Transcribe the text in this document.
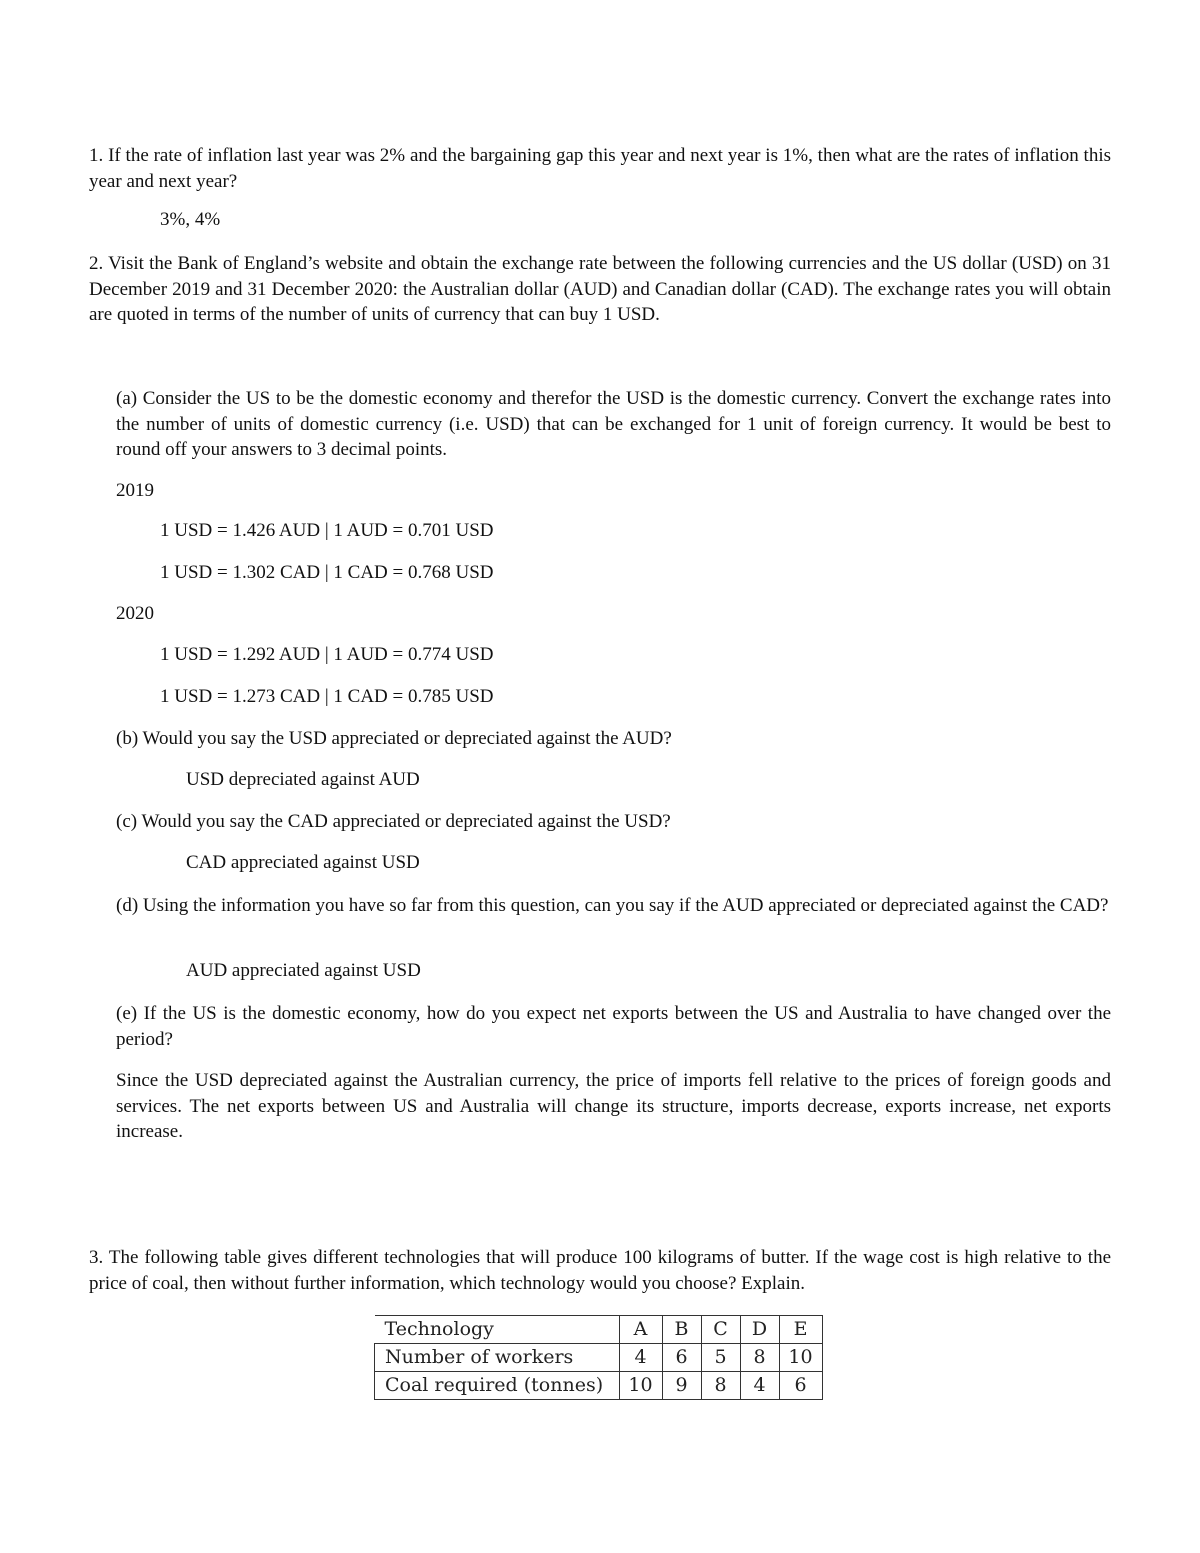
1. If the rate of inflation last year was 2% and the bargaining gap this year and next year is 1%, then what are the rates of inflation this year and next year?
3%, 4%
2. Visit the Bank of England’s website and obtain the exchange rate between the following currencies and the US dollar (USD) on 31 December 2019 and 31 December 2020: the Australian dollar (AUD) and Canadian dollar (CAD). The exchange rates you will obtain are quoted in terms of the number of units of currency that can buy 1 USD.
(a) Consider the US to be the domestic economy and therefor the USD is the domestic currency. Convert the exchange rates into the number of units of domestic currency (i.e. USD) that can be exchanged for 1 unit of foreign currency. It would be best to round off your answers to 3 decimal points.
2019
1 USD = 1.426 AUD | 1 AUD = 0.701 USD
1 USD = 1.302 CAD | 1 CAD = 0.768 USD
2020
1 USD = 1.292 AUD | 1 AUD = 0.774 USD
1 USD = 1.273 CAD | 1 CAD = 0.785 USD
(b) Would you say the USD appreciated or depreciated against the AUD?
USD depreciated against AUD
(c) Would you say the CAD appreciated or depreciated against the USD?
CAD appreciated against USD
(d) Using the information you have so far from this question, can you say if the AUD appreciated or depreciated against the CAD?
AUD appreciated against USD
(e) If the US is the domestic economy, how do you expect net exports between the US and Australia to have changed over the period?
Since the USD depreciated against the Australian currency, the price of imports fell relative to the prices of foreign goods and services. The net exports between US and Australia will change its structure, imports decrease, exports increase, net exports increase.
3. The following table gives different technologies that will produce 100 kilograms of butter. If the wage cost is high relative to the price of coal, then without further information, which technology would you choose? Explain.
Technology	A	B	C	D	E
Number of workers	4	6	5	8	10
Coal required (tonnes)	10	9	8	4	6
